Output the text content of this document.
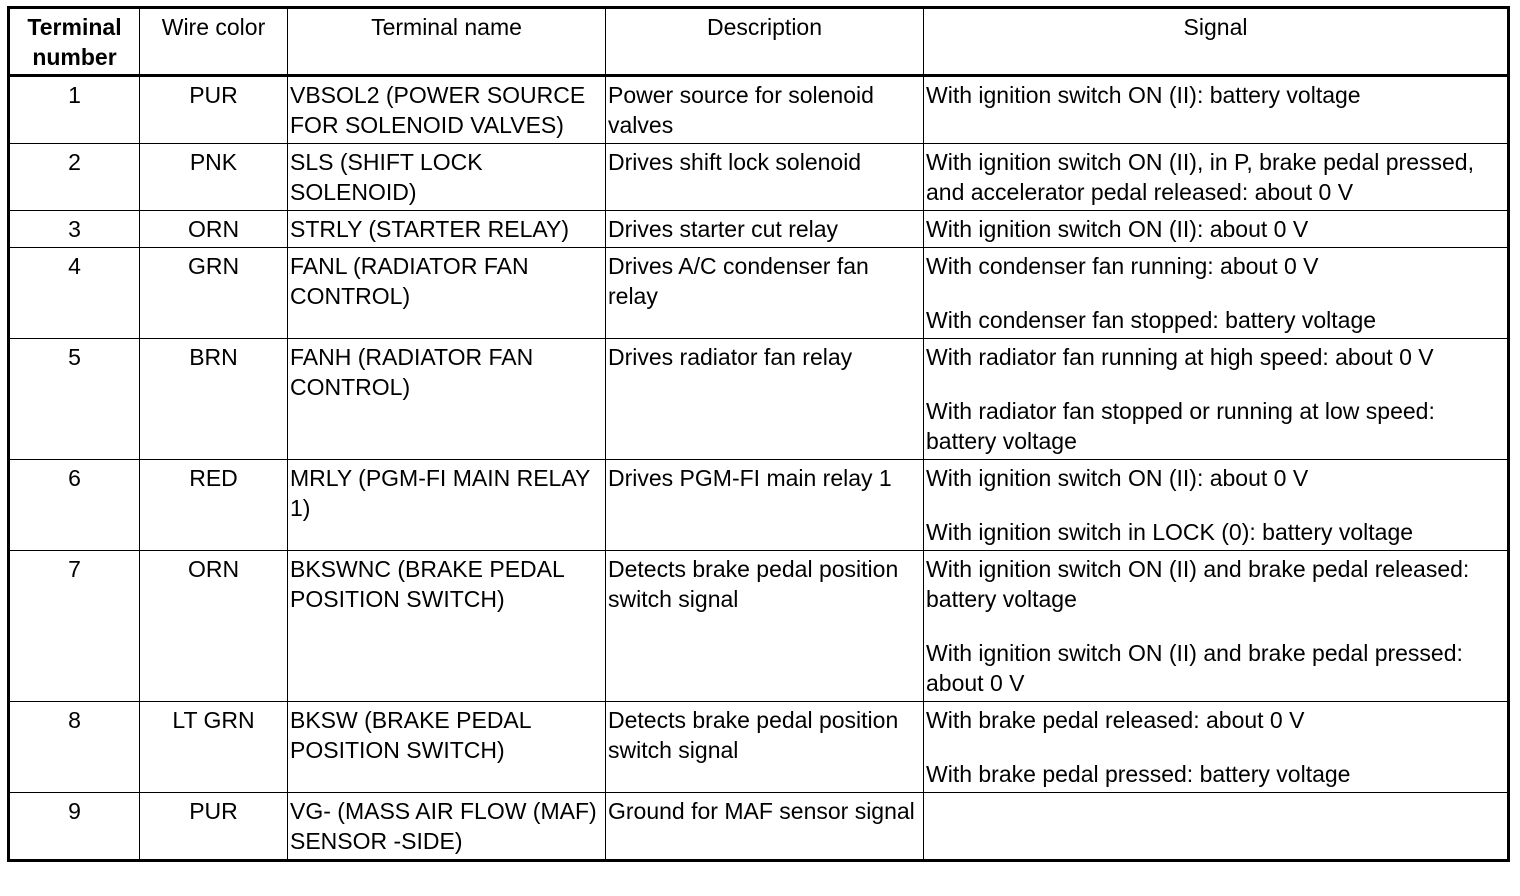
Terminal
number	Wire color	Terminal name	Description	Signal
1	PUR	VBSOL2 (POWER SOURCE FOR SOLENOID VALVES)	Power source for solenoid valves	With ignition switch ON (II): battery voltage

2	PNK	SLS (SHIFT LOCK SOLENOID)	Drives shift lock solenoid	With ignition switch ON (II), in P, brake pedal pressed, and accelerator pedal released: about 0 V

3	ORN	STRLY (STARTER RELAY)	Drives starter cut relay	With ignition switch ON (II): about 0 V

4	GRN	FANL (RADIATOR FAN CONTROL)	Drives A/C condenser fan relay	With condenser fan running: about 0 V
With condenser fan stopped: battery voltage

5	BRN	FANH (RADIATOR FAN CONTROL)	Drives radiator fan relay	With radiator fan running at high speed: about 0 V
With radiator fan stopped or running at low speed: battery voltage

6	RED	MRLY (PGM-FI MAIN RELAY 1)	Drives PGM-FI main relay 1	With ignition switch ON (II): about 0 V
With ignition switch in LOCK (0): battery voltage

7	ORN	BKSWNC (BRAKE PEDAL POSITION SWITCH)	Detects brake pedal position switch signal	With ignition switch ON (II) and brake pedal released: battery voltage
With ignition switch ON (II) and brake pedal pressed: about 0 V

8	LT GRN	BKSW (BRAKE PEDAL POSITION SWITCH)	Detects brake pedal position switch signal	With brake pedal released: about 0 V
With brake pedal pressed: battery voltage

9	PUR	VG- (MASS AIR FLOW (MAF) SENSOR -SIDE)	Ground for MAF sensor signal	
